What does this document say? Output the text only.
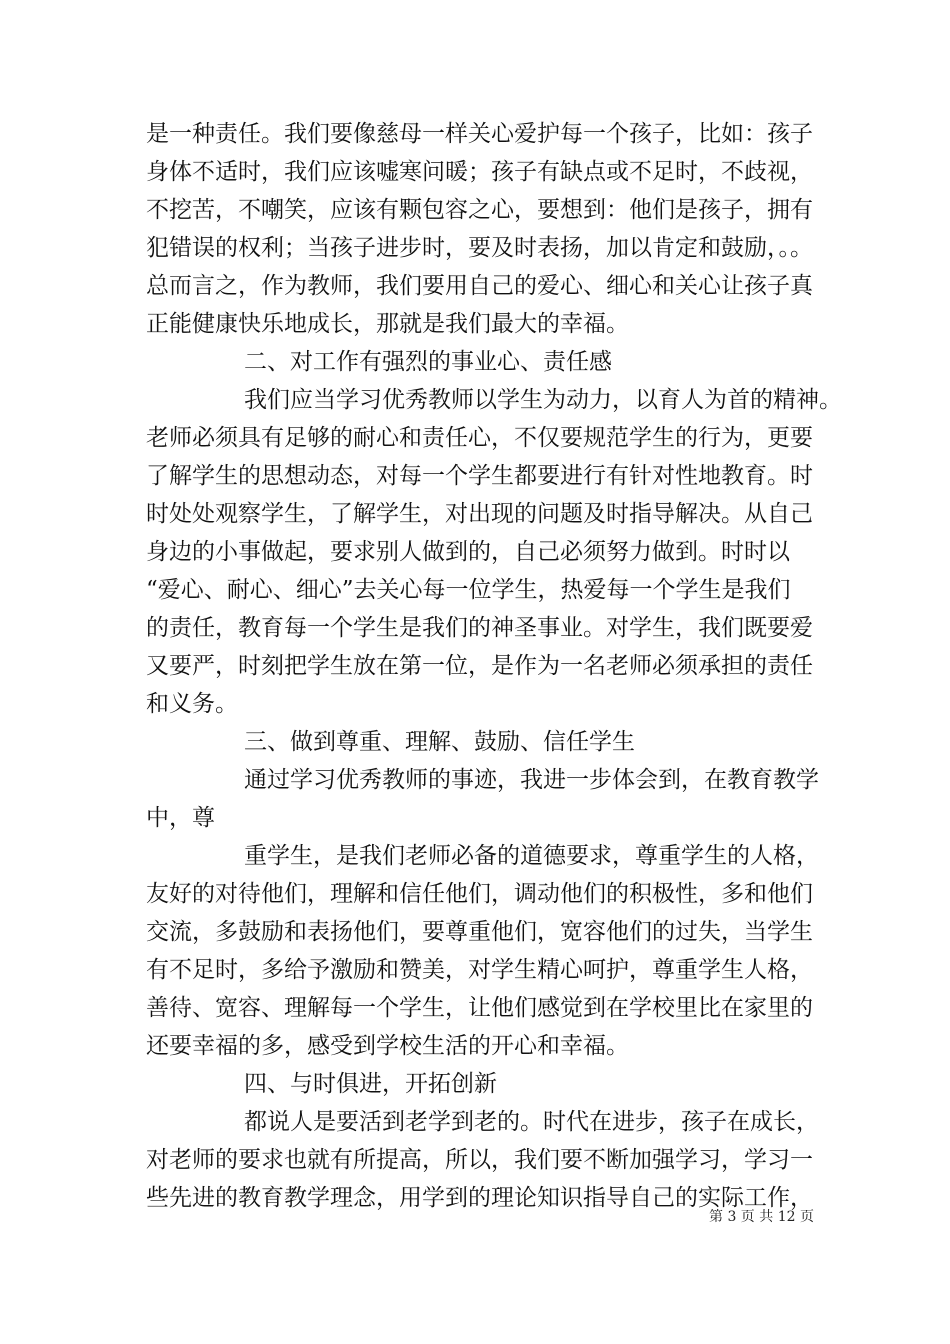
是一种责任。我们要像慈母一样关心爱护每一个孩子，比如：孩子
身体不适时，我们应该嘘寒问暖；孩子有缺点或不足时，不歧视，
不挖苦，不嘲笑，应该有颗包容之心，要想到：他们是孩子，拥有
犯错误的权利；当孩子进步时，要及时表扬，加以肯定和鼓励，。。
总而言之，作为教师，我们要用自己的爱心、细心和关心让孩子真
正能健康快乐地成长，那就是我们最大的幸福。
二、对工作有强烈的事业心、责任感
我们应当学习优秀教师以学生为动力，以育人为首的精神。
老师必须具有足够的耐心和责任心，不仅要规范学生的行为，更要
了解学生的思想动态，对每一个学生都要进行有针对性地教育。时
时处处观察学生，了解学生，对出现的问题及时指导解决。从自己
身边的小事做起，要求别人做到的，自己必须努力做到。时时以
“爱心、耐心、细心”去关心每一位学生，热爱每一个学生是我们
的责任，教育每一个学生是我们的神圣事业。对学生，我们既要爱
又要严，时刻把学生放在第一位，是作为一名老师必须承担的责任
和义务。
三、做到尊重、理解、鼓励、信任学生
通过学习优秀教师的事迹，我进一步体会到，在教育教学
中，尊
重学生，是我们老师必备的道德要求，尊重学生的人格，
友好的对待他们，理解和信任他们，调动他们的积极性，多和他们
交流，多鼓励和表扬他们，要尊重他们，宽容他们的过失，当学生
有不足时，多给予激励和赞美，对学生精心呵护，尊重学生人格，
善待、宽容、理解每一个学生，让他们感觉到在学校里比在家里的
还要幸福的多，感受到学校生活的开心和幸福。
四、与时俱进，开拓创新
都说人是要活到老学到老的。时代在进步，孩子在成长，
对老师的要求也就有所提高，所以，我们要不断加强学习，学习一
些先进的教育教学理念，用学到的理论知识指导自己的实际工作，
第 3 页 共 12 页
